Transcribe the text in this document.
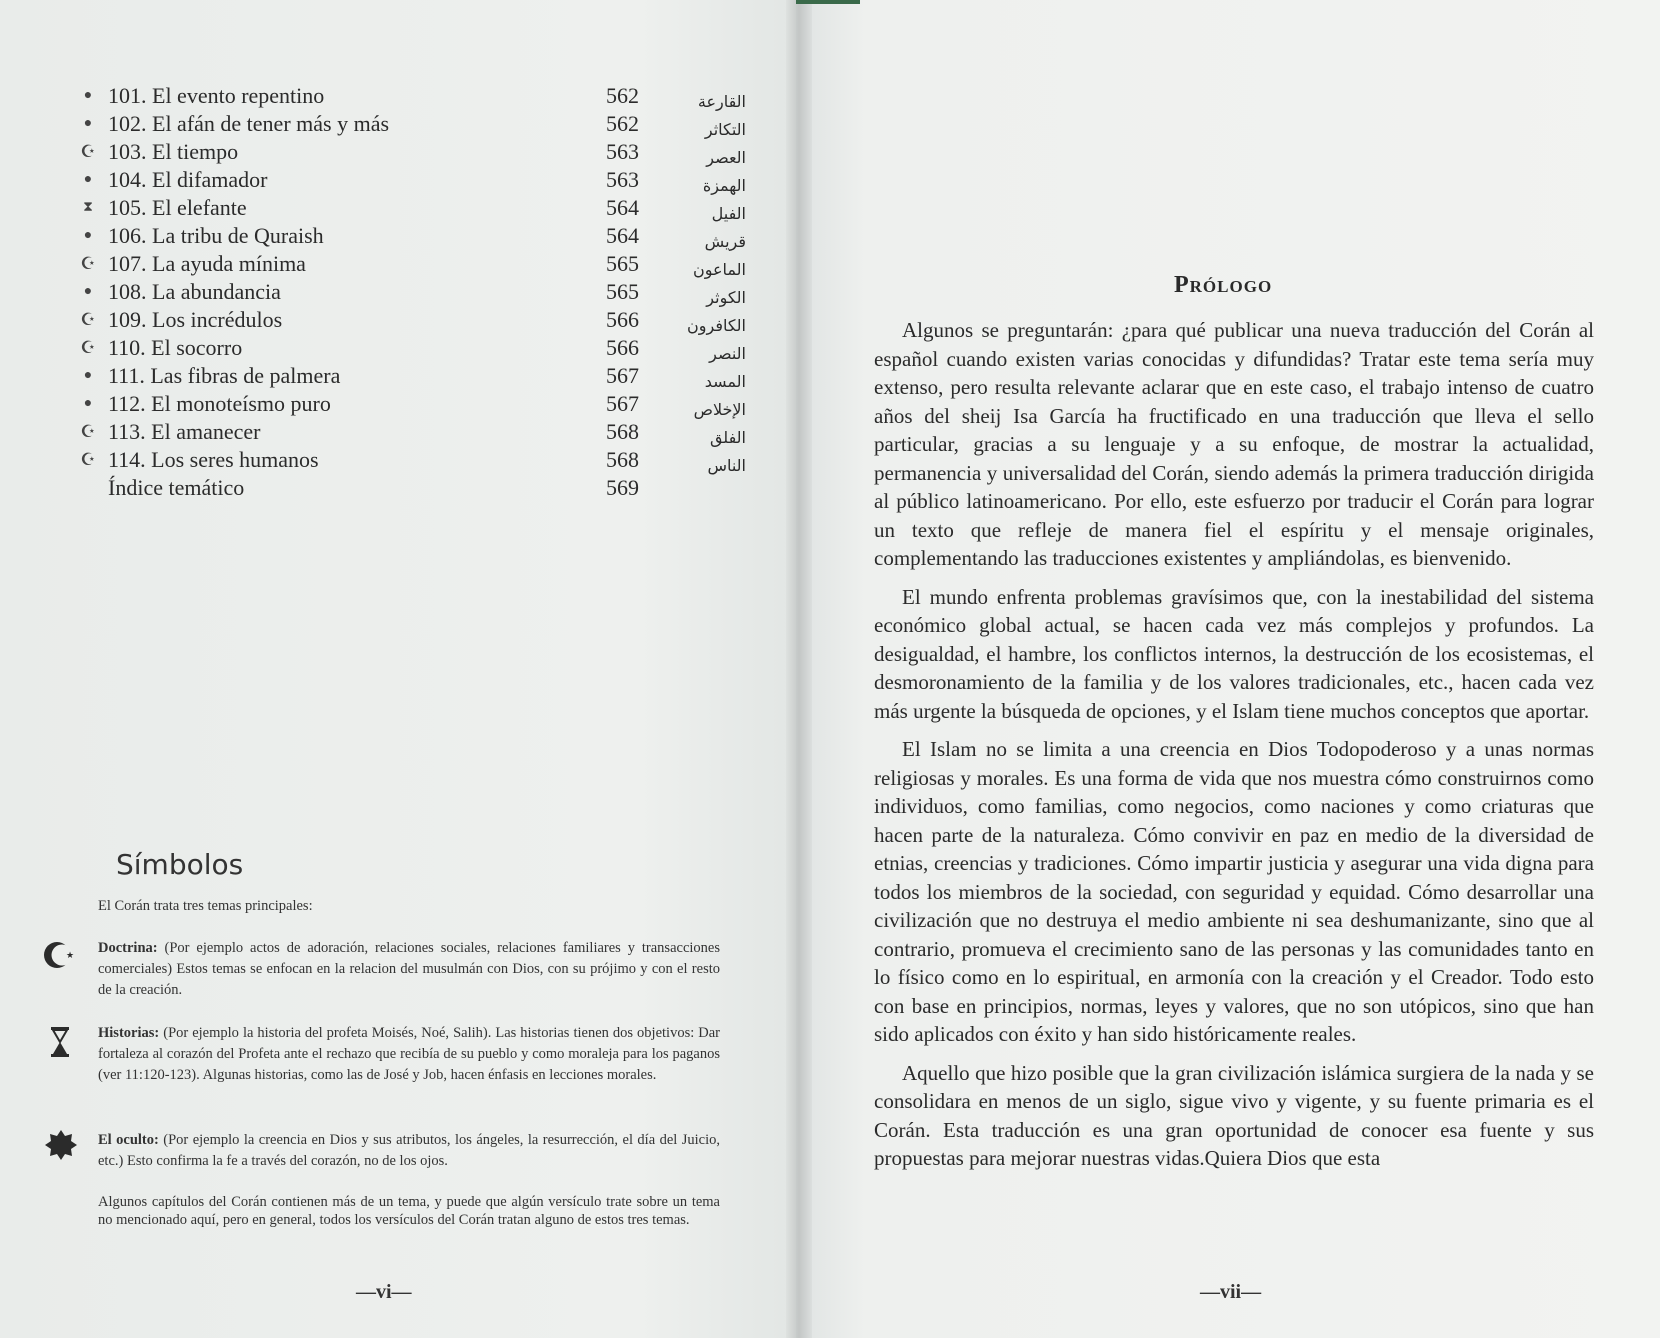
● 101. El evento repentino	562	القارعة
● 102. El afán de tener más y más	562	التكاثر
☪ 103. El tiempo	563	العصر
● 104. El difamador	563	الهمزة
⧗ 105. El elefante	564	الفيل
● 106. La tribu de Quraish	564	قريش
☪ 107. La ayuda mínima	565	الماعون
● 108. La abundancia	565	الكوثر
☪ 109. Los incrédulos	566	الكافرون
☪ 110. El socorro	566	النصر
● 111. Las fibras de palmera	567	المسد
● 112. El monoteísmo puro	567	الإخلاص
☪ 113. El amanecer	568	الفلق
☪ 114. Los seres humanos	568	الناس
Índice temático	569
Símbolos
El Corán trata tres temas principales:
★ Doctrina: (Por ejemplo actos de adoración, relaciones sociales, relaciones familiares y transacciones comerciales) Estos temas se enfocan en la relacion del musulmán con Dios, con su prójimo y con el resto de la creación.
Historias: (Por ejemplo la historia del profeta Moisés, Noé, Salih). Las historias tienen dos objetivos: Dar fortaleza al corazón del Profeta ante el rechazo que recibía de su pueblo y como moraleja para los paganos (ver 11:120-123). Algunas historias, como las de José y Job, hacen énfasis en lecciones morales.
El oculto: (Por ejemplo la creencia en Dios y sus atributos, los ángeles, la resurrección, el día del Juicio, etc.) Esto confirma la fe a través del corazón, no de los ojos.
Algunos capítulos del Corán contienen más de un tema, y puede que algún versículo trate sobre un tema no mencionado aquí, pero en general, todos los versículos del Corán tratan alguno de estos tres temas.
—vi—
Prólogo

Algunos se preguntarán: ¿para qué publicar una nueva traducción del Corán al español cuando existen varias conocidas y difundidas? Tratar este tema sería muy extenso, pero resulta relevante aclarar que en este caso, el trabajo intenso de cuatro años del sheij Isa García ha fructificado en una traducción que lleva el sello particular, gracias a su lenguaje y a su enfoque, de mostrar la actualidad, permanencia y universalidad del Corán, siendo además la primera traducción dirigida al público latinoamericano. Por ello, este esfuerzo por traducir el Corán para lograr un texto que refleje de manera fiel el espíritu y el mensaje originales, complementando las traducciones existentes y ampliándolas, es bienvenido.

El mundo enfrenta problemas gravísimos que, con la inestabilidad del sistema económico global actual, se hacen cada vez más complejos y profundos. La desigualdad, el hambre, los conflictos internos, la destrucción de los ecosistemas, el desmoronamiento de la familia y de los valores tradicionales, etc., hacen cada vez más urgente la búsqueda de opciones, y el Islam tiene muchos conceptos que aportar.

El Islam no se limita a una creencia en Dios Todopoderoso y a unas normas religiosas y morales. Es una forma de vida que nos muestra cómo construirnos como individuos, como familias, como negocios, como naciones y como criaturas que hacen parte de la naturaleza. Cómo convivir en paz en medio de la diversidad de etnias, creencias y tradiciones. Cómo impartir justicia y asegurar una vida digna para todos los miembros de la sociedad, con seguridad y equidad. Cómo desarrollar una civilización que no destruya el medio ambiente ni sea deshumanizante, sino que al contrario, promueva el crecimiento sano de las personas y las comunidades tanto en lo físico como en lo espiritual, en armonía con la creación y el Creador. Todo esto con base en principios, normas, leyes y valores, que no son utópicos, sino que han sido aplicados con éxito y han sido históricamente reales.

Aquello que hizo posible que la gran civilización islámica surgiera de la nada y se consolidara en menos de un siglo, sigue vivo y vigente, y su fuente primaria es el Corán. Esta traducción es una gran oportunidad de conocer esa fuente y sus propuestas para mejorar nuestras vidas.Quiera Dios que esta

—vii—
